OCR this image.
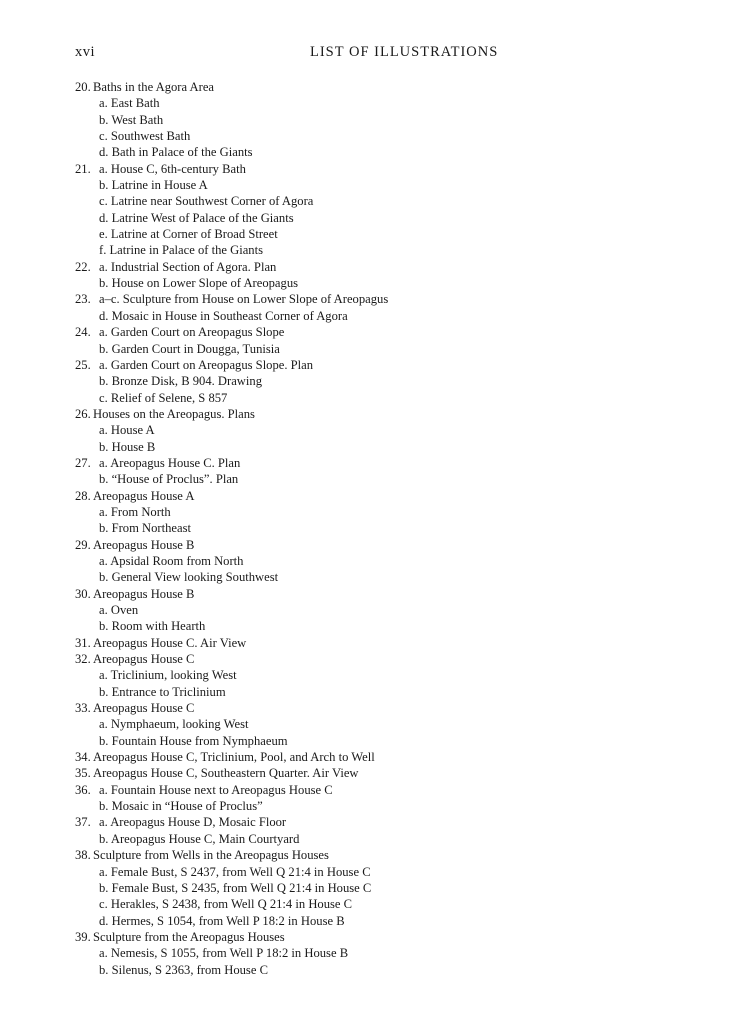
xvi	LIST OF ILLUSTRATIONS
20. Baths in the Agora Area
a. East Bath
b. West Bath
c. Southwest Bath
d. Bath in Palace of the Giants
21. a. House C, 6th-century Bath
b. Latrine in House A
c. Latrine near Southwest Corner of Agora
d. Latrine West of Palace of the Giants
e. Latrine at Corner of Broad Street
f. Latrine in Palace of the Giants
22. a. Industrial Section of Agora. Plan
b. House on Lower Slope of Areopagus
23. a–c. Sculpture from House on Lower Slope of Areopagus
d. Mosaic in House in Southeast Corner of Agora
24. a. Garden Court on Areopagus Slope
b. Garden Court in Dougga, Tunisia
25. a. Garden Court on Areopagus Slope. Plan
b. Bronze Disk, B 904. Drawing
c. Relief of Selene, S 857
26. Houses on the Areopagus. Plans
a. House A
b. House B
27. a. Areopagus House C. Plan
b. “House of Proclus”. Plan
28. Areopagus House A
a. From North
b. From Northeast
29. Areopagus House B
a. Apsidal Room from North
b. General View looking Southwest
30. Areopagus House B
a. Oven
b. Room with Hearth
31. Areopagus House C. Air View
32. Areopagus House C
a. Triclinium, looking West
b. Entrance to Triclinium
33. Areopagus House C
a. Nymphaeum, looking West
b. Fountain House from Nymphaeum
34. Areopagus House C, Triclinium, Pool, and Arch to Well
35. Areopagus House C, Southeastern Quarter. Air View
36. a. Fountain House next to Areopagus House C
b. Mosaic in “House of Proclus”
37. a. Areopagus House D, Mosaic Floor
b. Areopagus House C, Main Courtyard
38. Sculpture from Wells in the Areopagus Houses
a. Female Bust, S 2437, from Well Q 21:4 in House C
b. Female Bust, S 2435, from Well Q 21:4 in House C
c. Herakles, S 2438, from Well Q 21:4 in House C
d. Hermes, S 1054, from Well P 18:2 in House B
39. Sculpture from the Areopagus Houses
a. Nemesis, S 1055, from Well P 18:2 in House B
b. Silenus, S 2363, from House C
